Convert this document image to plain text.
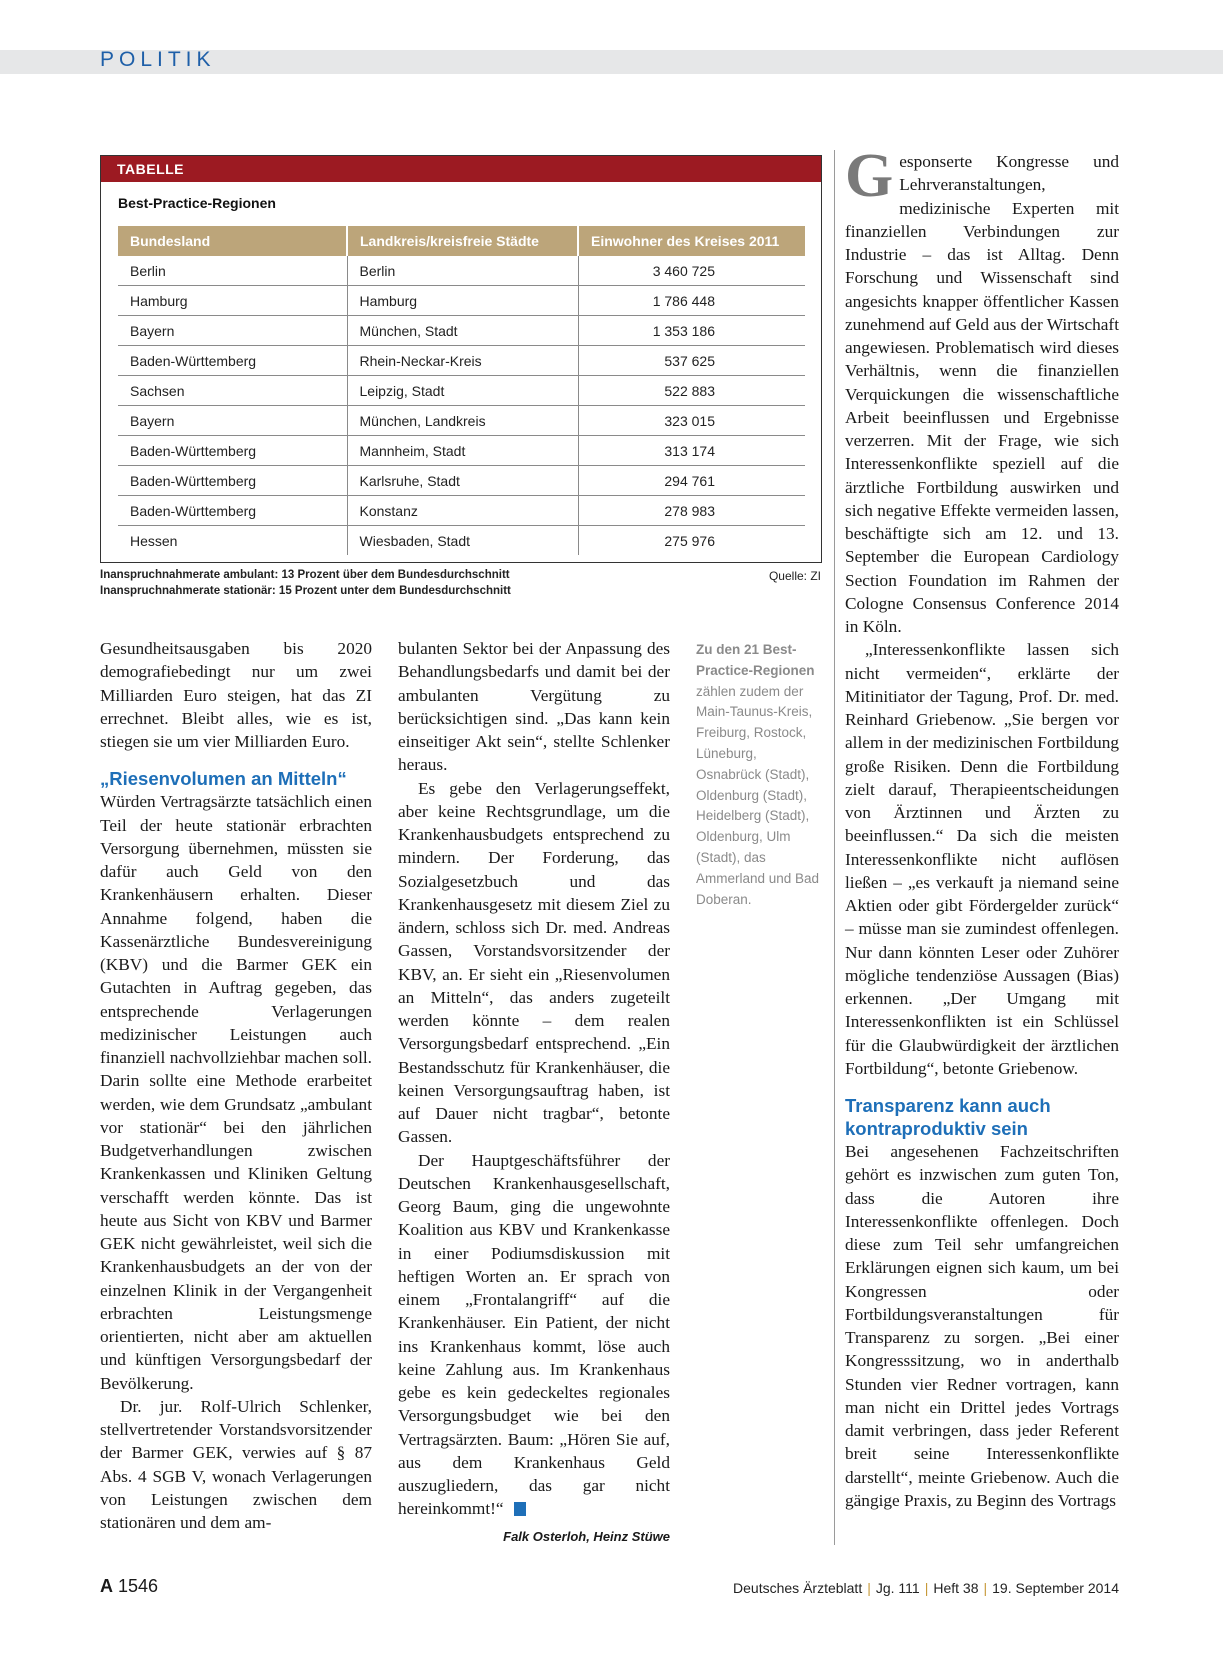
POLITIK
TABELLE
Best-Practice-Regionen
Bundesland	Landkreis/kreisfreie Städte	Einwohner des Kreises 2011
Berlin	Berlin	3 460 725
Hamburg	Hamburg	1 786 448
Bayern	München, Stadt	1 353 186
Baden-Württemberg	Rhein-Neckar-Kreis	537 625
Sachsen	Leipzig, Stadt	522 883
Bayern	München, Landkreis	323 015
Baden-Württemberg	Mannheim, Stadt	313 174
Baden-Württemberg	Karlsruhe, Stadt	294 761
Baden-Württemberg	Konstanz	278 983
Hessen	Wiesbaden, Stadt	275 976
Inanspruchnahmerate ambulant: 13 Prozent über dem Bundesdurchschnitt
Inanspruchnahmerate stationär: 15 Prozent unter dem Bundesdurchschnitt
Quelle: ZI

Gesundheitsausgaben bis 2020 demografiebedingt nur um zwei Milliarden Euro steigen, hat das ZI errechnet. Bleibt alles, wie es ist, stiegen sie um vier Milliarden Euro.

„Riesenvolumen an Mitteln“

Würden Vertragsärzte tatsächlich einen Teil der heute stationär erbrachten Versorgung übernehmen, müssten sie dafür auch Geld von den Krankenhäusern erhalten. Dieser Annahme folgend, haben die Kassenärztliche Bundesvereinigung (KBV) und die Barmer GEK ein Gutachten in Auftrag gegeben, das entsprechende Verlagerungen medizinischer Leistungen auch finanziell nachvollziehbar machen soll. Darin sollte eine Methode erarbeitet werden, wie dem Grundsatz „ambulant vor stationär“ bei den jährlichen Budgetverhandlungen zwischen Krankenkassen und Kliniken Geltung verschafft werden könnte. Das ist heute aus Sicht von KBV und Barmer GEK nicht gewährleistet, weil sich die Krankenhausbudgets an der von der einzelnen Klinik in der Vergangenheit erbrachten Leistungsmenge orientierten, nicht aber am aktuellen und künftigen Versorgungsbedarf der Bevölkerung.

Dr. jur. Rolf-Ulrich Schlenker, stellvertretender Vorstandsvorsitzender der Barmer GEK, verwies auf § 87 Abs. 4 SGB V, wonach Verlagerungen von Leistungen zwischen dem stationären und dem am-

bulanten Sektor bei der Anpassung des Behandlungsbedarfs und damit bei der ambulanten Vergütung zu berücksichtigen sind. „Das kann kein einseitiger Akt sein“, stellte Schlenker heraus.

Es gebe den Verlagerungseffekt, aber keine Rechtsgrundlage, um die Krankenhausbudgets entsprechend zu mindern. Der Forderung, das Sozialgesetzbuch und das Krankenhausgesetz mit diesem Ziel zu ändern, schloss sich Dr. med. Andreas Gassen, Vorstandsvorsitzender der KBV, an. Er sieht ein „Riesenvolumen an Mitteln“, das anders zugeteilt werden könnte – dem realen Versorgungsbedarf entsprechend. „Ein Bestandsschutz für Krankenhäuser, die keinen Versorgungsauftrag haben, ist auf Dauer nicht tragbar“, betonte Gassen.

Der Hauptgeschäftsführer der Deutschen Krankenhausgesellschaft, Georg Baum, ging die ungewohnte Koalition aus KBV und Krankenkasse in einer Podiumsdiskussion mit heftigen Worten an. Er sprach von einem „Frontalangriff“ auf die Krankenhäuser. Ein Patient, der nicht ins Krankenhaus kommt, löse auch keine Zahlung aus. Im Krankenhaus gebe es kein gedeckeltes regionales Versorgungsbudget wie bei den Vertragsärzten. Baum: „Hören Sie auf, aus dem Krankenhaus Geld auszugliedern, das gar nicht hereinkommt!“

Falk Osterloh, Heinz Stüwe
Zu den 21 Best-Practice-Regionen zählen zudem der Main-Taunus-Kreis, Freiburg, Rostock, Lüneburg, Osnabrück (Stadt), Oldenburg (Stadt), Heidelberg (Stadt), Oldenburg, Ulm (Stadt), das Ammerland und Bad Doberan.

Gesponserte Kongresse und Lehrveranstaltungen, medizinische Experten mit finanziellen Verbindungen zur Industrie – das ist Alltag. Denn Forschung und Wissenschaft sind angesichts knapper öffentlicher Kassen zunehmend auf Geld aus der Wirtschaft angewiesen. Problematisch wird dieses Verhältnis, wenn die finanziellen Verquickungen die wissenschaftliche Arbeit beeinflussen und Ergebnisse verzerren. Mit der Frage, wie sich Interessenkonflikte speziell auf die ärztliche Fortbildung auswirken und sich negative Effekte vermeiden lassen, beschäftigte sich am 12. und 13. September die European Cardiology Section Foundation im Rahmen der Cologne Consensus Conference 2014 in Köln.

„Interessenkonflikte lassen sich nicht vermeiden“, erklärte der Mitinitiator der Tagung, Prof. Dr. med. Reinhard Griebenow. „Sie bergen vor allem in der medizinischen Fortbildung große Risiken. Denn die Fortbildung zielt darauf, Therapieentscheidungen von Ärztinnen und Ärzten zu beeinflussen.“ Da sich die meisten Interessenkonflikte nicht auflösen ließen – „es verkauft ja niemand seine Aktien oder gibt Fördergelder zurück“ – müsse man sie zumindest offenlegen. Nur dann könnten Leser oder Zuhörer mögliche tendenziöse Aussagen (Bias) erkennen. „Der Umgang mit Interessenkonflikten ist ein Schlüssel für die Glaubwürdigkeit der ärztlichen Fortbildung“, betonte Griebenow.

Transparenz kann auch kontraproduktiv sein

Bei angesehenen Fachzeitschriften gehört es inzwischen zum guten Ton, dass die Autoren ihre Interessenkonflikte offenlegen. Doch diese zum Teil sehr umfangreichen Erklärungen eignen sich kaum, um bei Kongressen oder Fortbildungsveranstaltungen für Transparenz zu sorgen. „Bei einer Kongresssitzung, wo in anderthalb Stunden vier Redner vortragen, kann man nicht ein Drittel jedes Vortrags damit verbringen, dass jeder Referent breit seine Interessenkonflikte darstellt“, meinte Griebenow. Auch die gängige Praxis, zu Beginn des Vortrags

A 1546	Deutsches Ärzteblatt | Jg. 111 | Heft 38 | 19. September 2014
